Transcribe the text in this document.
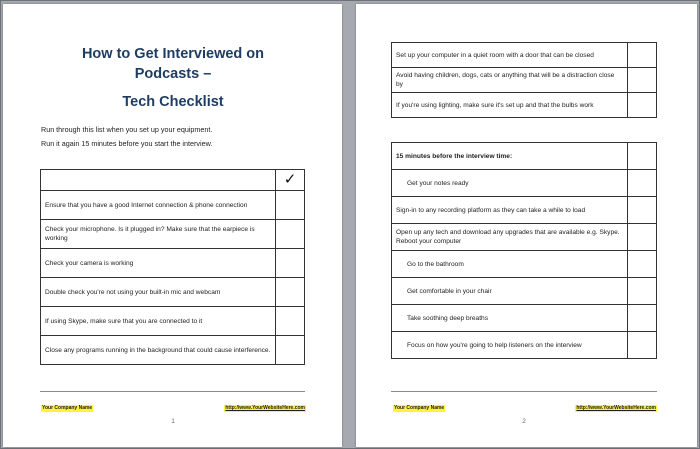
How to Get Interviewed on
Podcasts –
Tech Checklist
Run through this list when you set up your equipment.
Run it again 15 minutes before you start the interview.

	✓

Ensure that you have a good Internet connection & phone connection	
Check your microphone. Is it plugged in? Make sure that the earpiece is working	
Check your camera is working	
Double check you're not using your built-in mic and webcam	
If using Skype, make sure that you are connected to it	
Close any programs running in the background that could cause interference.	
Your Company Name	http://www.YourWebsiteHere.com
1
Set up your computer in a quiet room with a door that can be closed	
Avoid having children, dogs, cats or anything that will be a distraction close by	
If you're using lighting, make sure it's set up and that the bulbs work	
15 minutes before the interview time:	
Get your notes ready	
Sign-in to any recording platform as they can take a while to load	
Open up any tech and download any upgrades that are available e.g. Skype. Reboot your computer	
Go to the bathroom	
Get comfortable in your chair	
Take soothing deep breaths	
Focus on how you're going to help listeners on the interview	
Your Company Name	http://www.YourWebsiteHere.com
2
